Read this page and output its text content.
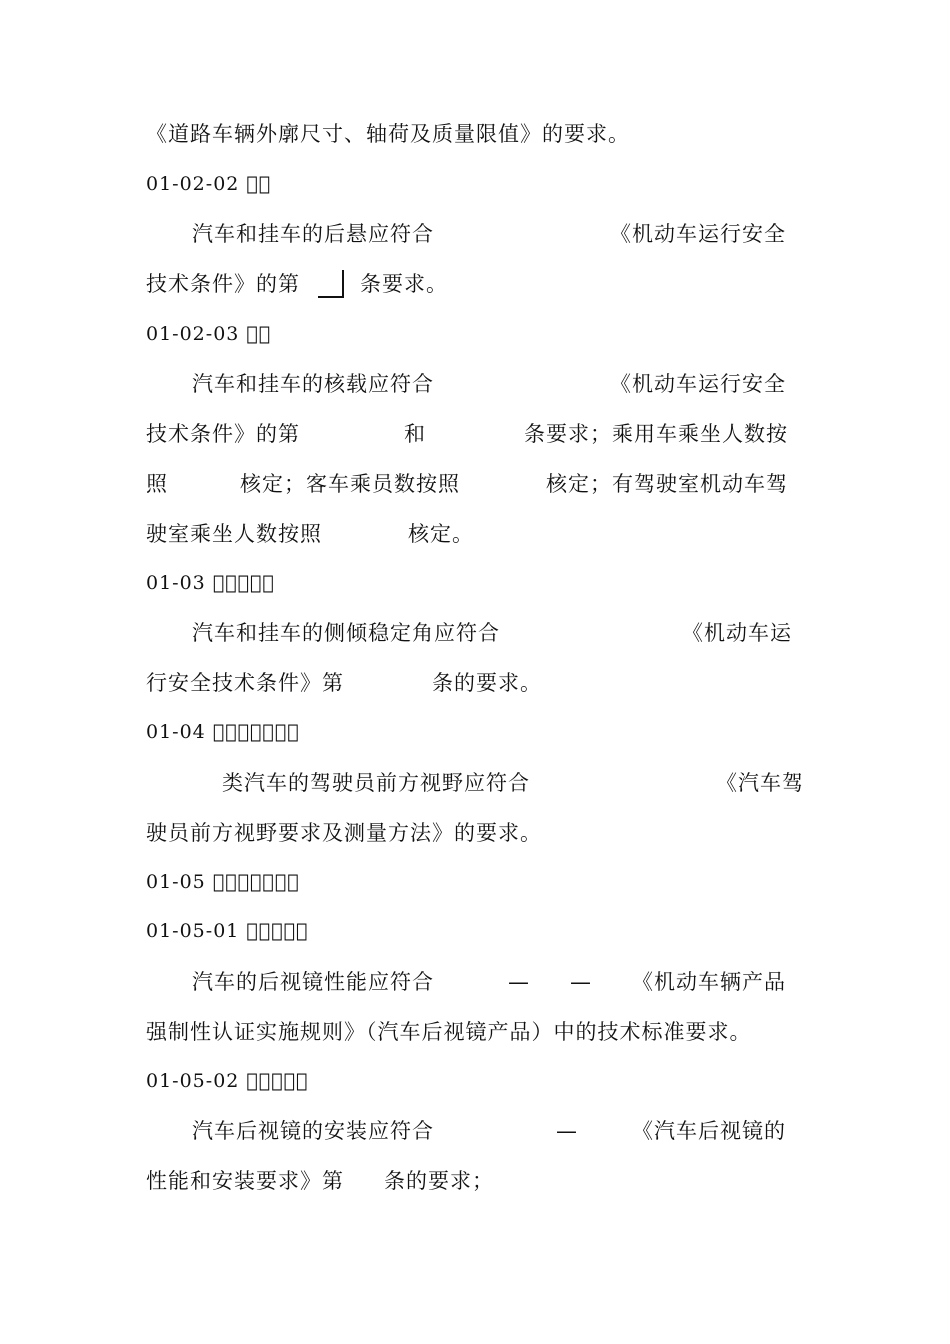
《道路车辆外廓尺寸、轴荷及质量限值》的要求。
01-02-02 􏿾􏿾
汽车和挂车的后悬应符合	《机动车运行安全
技术条件》的第	条要求。
01-02-03 􏿾􏿾
汽车和挂车的核载应符合	《机动车运行安全
技术条件》的第	和	条要求；乘用车乘坐人数按
照	核定；客车乘员数按照	核定；有驾驶室机动车驾
驶室乘坐人数按照	核定。
01-03 􏿾􏿾􏿾􏿾􏿾
汽车和挂车的侧倾稳定角应符合	《机动车运
行安全技术条件》第	条的要求。
01-04 􏿾􏿾􏿾􏿾􏿾􏿾􏿾
类汽车的驾驶员前方视野应符合	《汽车驾
驶员前方视野要求及测量方法》的要求。
01-05 􏿾􏿾􏿾􏿾􏿾􏿾􏿾
01-05-01 􏿾􏿾􏿾􏿾􏿾
汽车的后视镜性能应符合	— — 《机动车辆产品
强制性认证实施规则》（汽车后视镜产品）中的技术标准要求。
01-05-02 􏿾􏿾􏿾􏿾􏿾
汽车后视镜的安装应符合	—	《汽车后视镜的
性能和安装要求》第 条的要求；
